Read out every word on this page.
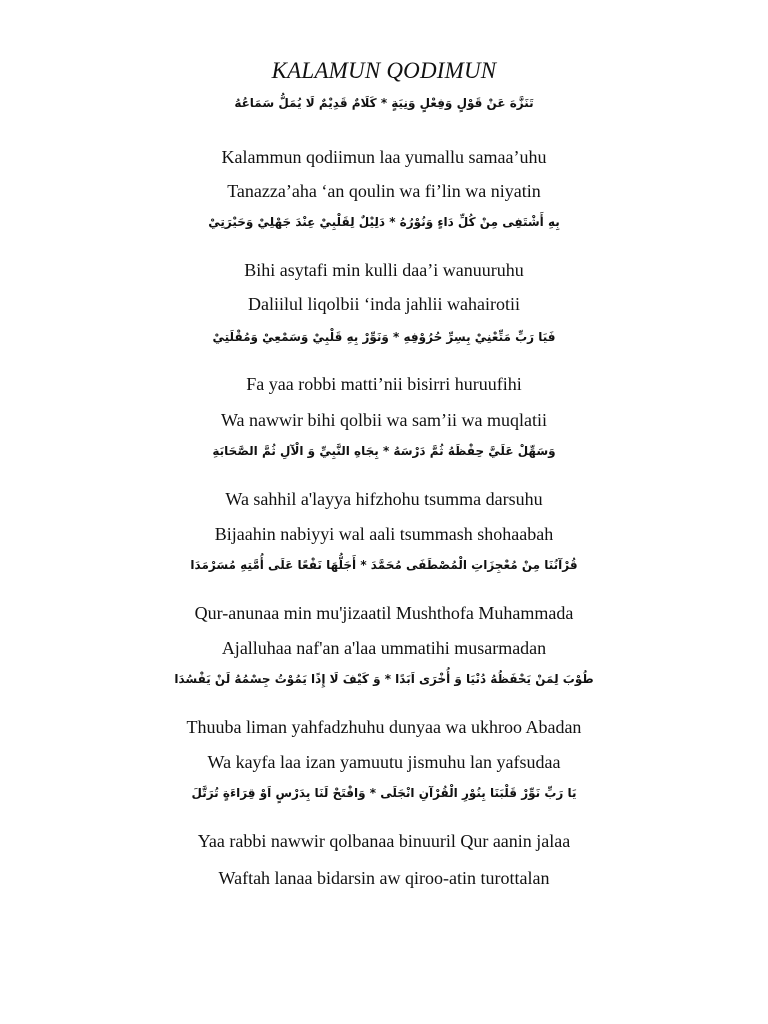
KALAMUN QODIMUN
تَنَزَّهَ عَنْ قَوْلٍ وَفِعْلٍ وَنِيَةٍ * كَلَامٌ قَدِيْمٌ لَا يُمَلُّ سَمَاعُهُ
Kalammun qodiimun laa yumallu samaa’uhu
Tanazza’aha ‘an qoulin wa fi’lin wa niyatin
بِهِ أَشْتَفِى مِنْ كُلِّ دَاءٍ وَنُوْرُهُ * دَلِيْلٌ لِقَلْبِيْ عِنْدَ جَهْلِيْ وَحَيْرَتِيْ
Bihi asytafi min kulli daa’i wanuuruhu
Daliilul liqolbii ‘inda jahlii wahairotii
فَيَا رَبِّ مَتِّعْنِيْ بِسِرِّ حُرُوْفِهِ * وَنَوِّرْ بِهِ قَلْبِيْ وَسَمْعِيْ وَمُقْلَتِيْ
Fa yaa robbi matti’nii bisirri huruufihi
Wa nawwir bihi qolbii wa sam’ii wa muqlatii
وَسَهِّلْ عَلَيَّ حِفْظَهُ ثُمَّ دَرْسَهُ * بِجَاهِ النَّبِيِّ وَ الْآلِ ثُمَّ الصَّحَابَةِ
Wa sahhil a'layya hifzhohu tsumma darsuhu
Bijaahin nabiyyi wal aali tsummash shohaabah
قُرْآنُنَا مِنْ مُعْجِزَاتِ الْمُصْطَفَى مُحَمَّدَ * أَجَلُّهَا نَفْعًا عَلَى أُمَّتِهِ مُسَرْمَدَا
Qur-anunaa min mu'jizaatil Mushthofa Muhammada
Ajalluhaa naf'an a'laa ummatihi musarmadan
طُوْبَ لِمَنْ يَحْفَظُهُ دُنْيَا وَ أُخْرَى اَبَدًا * وَ كَيْفَ لَا إِذًا يَمُوْتُ جِسْمُهُ لَنْ يَفْسُدَا
Thuuba liman yahfadzhuhu dunyaa wa ukhroo Abadan
Wa kayfa laa izan yamuutu jismuhu lan yafsudaa
يَا رَبِّ نَوِّرْ قَلْبَنَا بِنُوْرِ الْقُرْآنِ انْجَلَى * وَافْتَحْ لَنَا بِدَرْسٍ اَوْ قِرَاءَةٍ تُرَتَّلَ
Yaa rabbi nawwir qolbanaa binuuril Qur aanin jalaa
Waftah lanaa bidarsin aw qiroo-atin turottalan
